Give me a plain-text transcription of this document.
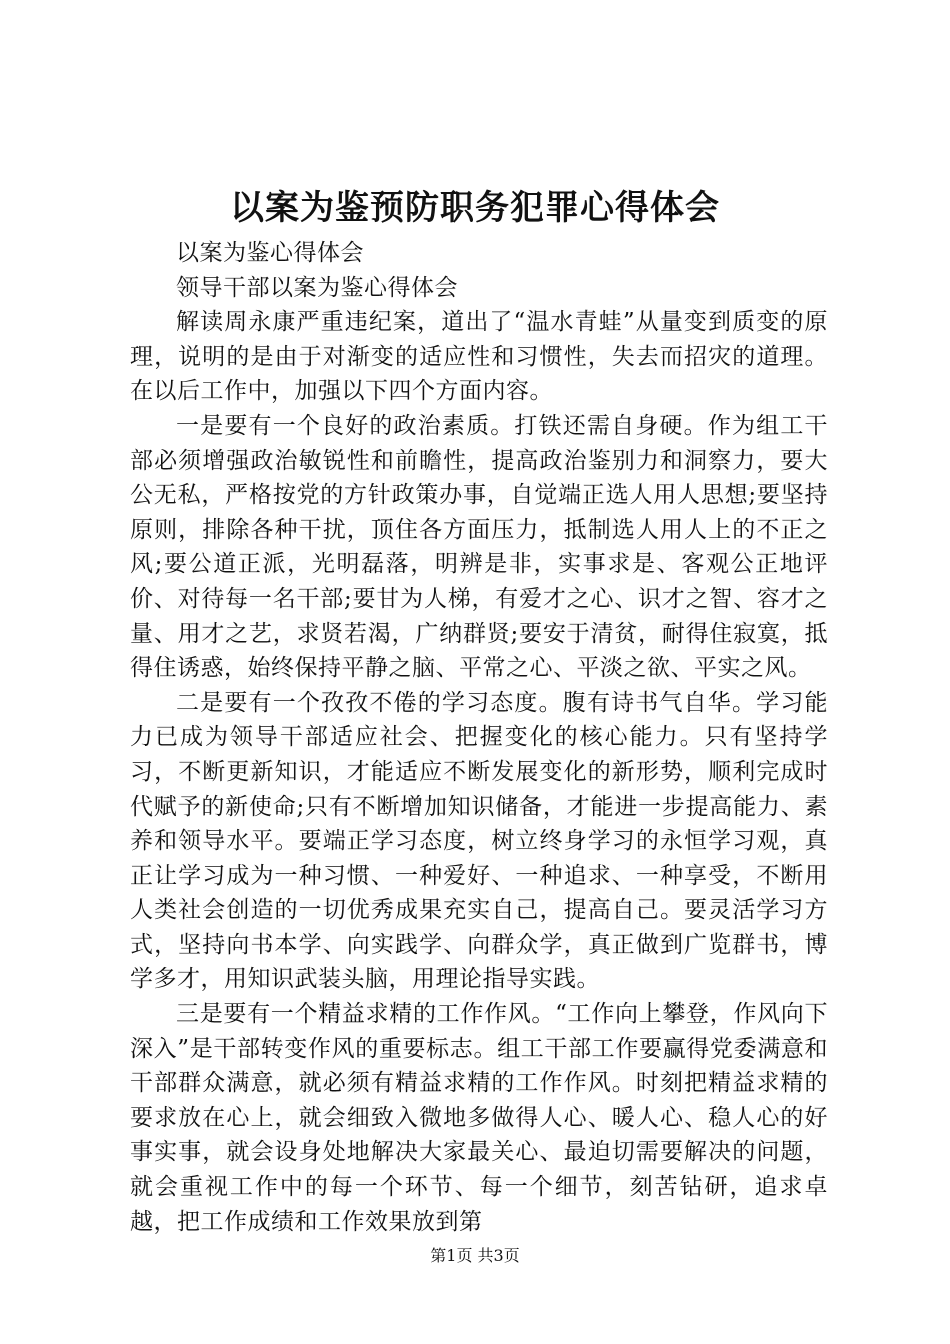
以案为鉴预防职务犯罪心得体会

以案为鉴心得体会

领导干部以案为鉴心得体会

解读周永康严重违纪案，道出了“温水青蛙”从量变到质变的原理，说明的是由于对渐变的适应性和习惯性，失去而招灾的道理。在以后工作中，加强以下四个方面内容。

一是要有一个良好的政治素质。打铁还需自身硬。作为组工干部必须增强政治敏锐性和前瞻性，提高政治鉴别力和洞察力，要大公无私，严格按党的方针政策办事，自觉端正选人用人思想;要坚持原则，排除各种干扰，顶住各方面压力，抵制选人用人上的不正之风;要公道正派，光明磊落，明辨是非，实事求是、客观公正地评价、对待每一名干部;要甘为人梯，有爱才之心、识才之智、容才之量、用才之艺，求贤若渴，广纳群贤;要安于清贫，耐得住寂寞，抵得住诱惑，始终保持平静之脑、平常之心、平淡之欲、平实之风。

二是要有一个孜孜不倦的学习态度。腹有诗书气自华。学习能力已成为领导干部适应社会、把握变化的核心能力。只有坚持学习，不断更新知识，才能适应不断发展变化的新形势，顺利完成时代赋予的新使命;只有不断增加知识储备，才能进一步提高能力、素养和领导水平。要端正学习态度，树立终身学习的永恒学习观，真正让学习成为一种习惯、一种爱好、一种追求、一种享受，不断用人类社会创造的一切优秀成果充实自己，提高自己。要灵活学习方式，坚持向书本学、向实践学、向群众学，真正做到广览群书，博学多才，用知识武装头脑，用理论指导实践。

三是要有一个精益求精的工作作风。“工作向上攀登，作风向下深入”是干部转变作风的重要标志。组工干部工作要赢得党委满意和干部群众满意，就必须有精益求精的工作作风。时刻把精益求精的要求放在心上，就会细致入微地多做得人心、暖人心、稳人心的好事实事，就会设身处地解决大家最关心、最迫切需要解决的问题，就会重视工作中的每一个环节、每一个细节，刻苦钻研，追求卓越，把工作成绩和工作效果放到第

第1页 共3页
